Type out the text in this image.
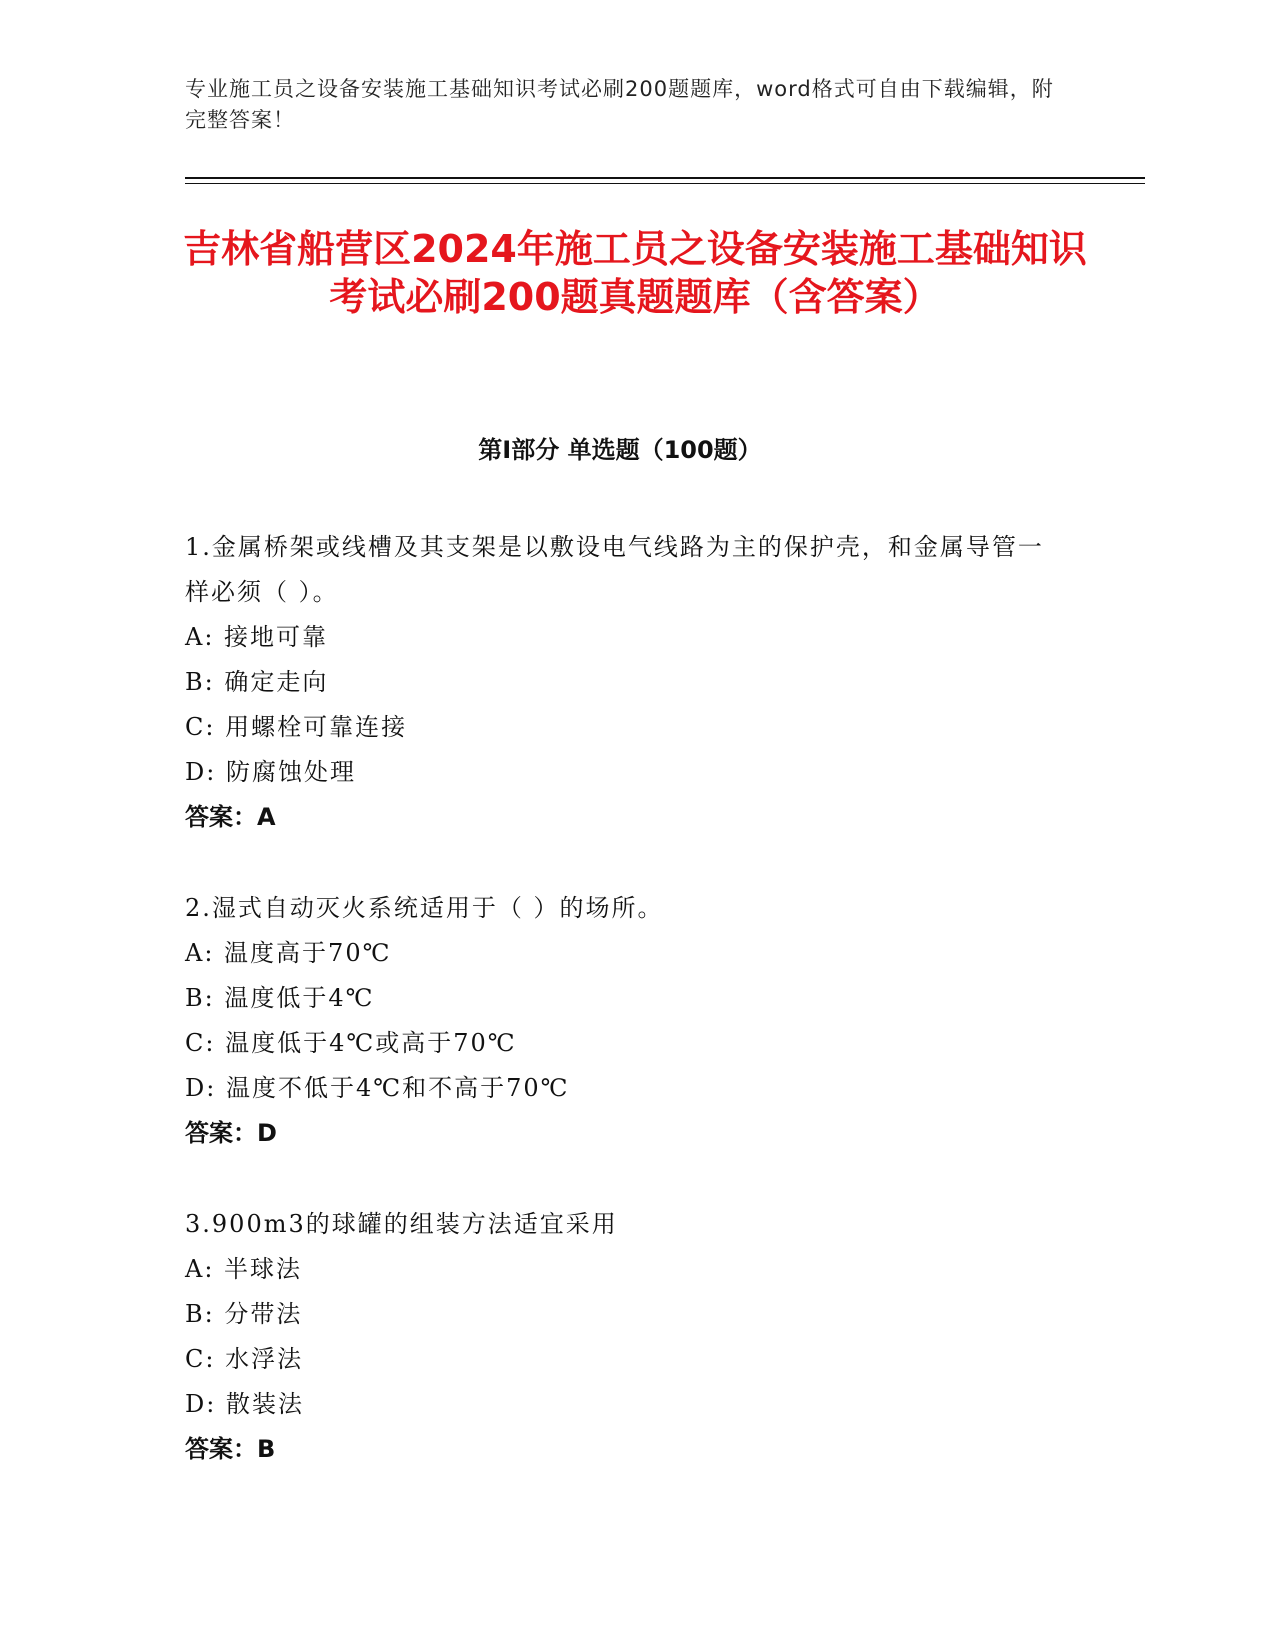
专业施工员之设备安装施工基础知识考试必刷200题题库，word格式可自由下载编辑，附完整答案！
吉林省船营区2024年施工员之设备安装施工基础知识考试必刷200题真题题库（含答案）
第Ⅰ部分 单选题（100题）

1.金属桥架或线槽及其支架是以敷设电气线路为主的保护壳，和金属导管一样必须（ ）。

A: 接地可靠

B: 确定走向

C: 用螺栓可靠连接

D: 防腐蚀处理

答案：A

2.湿式自动灭火系统适用于（ ）的场所。

A: 温度高于70℃

B: 温度低于4℃

C: 温度低于4℃或高于70℃

D: 温度不低于4℃和不高于70℃

答案：D

3.900m3的球罐的组装方法适宜采用

A: 半球法

B: 分带法

C: 水浮法

D: 散装法

答案：B
